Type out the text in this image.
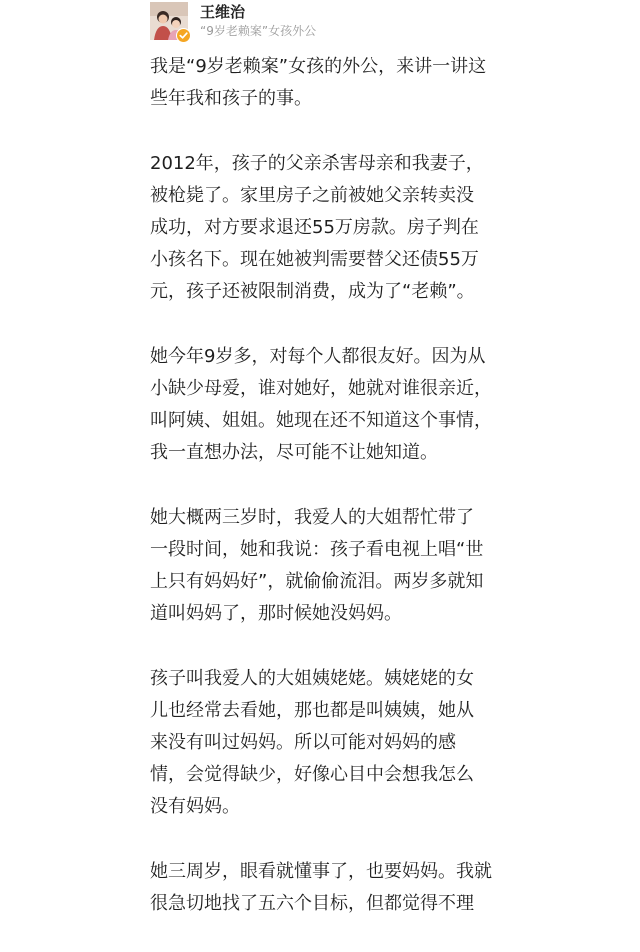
王维治
“9岁老赖案”女孩外公

我是“9岁老赖案”女孩的外公，来讲一讲这
些年我和孩子的事。

2012年，孩子的父亲杀害母亲和我妻子，
被枪毙了。家里房子之前被她父亲转卖没
成功，对方要求退还55万房款。房子判在
小孩名下。现在她被判需要替父还债55万
元，孩子还被限制消费，成为了“老赖”。

她今年9岁多，对每个人都很友好。因为从
小缺少母爱，谁对她好，她就对谁很亲近，
叫阿姨、姐姐。她现在还不知道这个事情，
我一直想办法，尽可能不让她知道。

她大概两三岁时，我爱人的大姐帮忙带了
一段时间，她和我说：孩子看电视上唱“世
上只有妈妈好”，就偷偷流泪。两岁多就知
道叫妈妈了，那时候她没妈妈。

孩子叫我爱人的大姐姨姥姥。姨姥姥的女
儿也经常去看她，那也都是叫姨姨，她从
来没有叫过妈妈。所以可能对妈妈的感
情，会觉得缺少，好像心目中会想我怎么
没有妈妈。

她三周岁，眼看就懂事了，也要妈妈。我就
很急切地找了五六个目标，但都觉得不理
